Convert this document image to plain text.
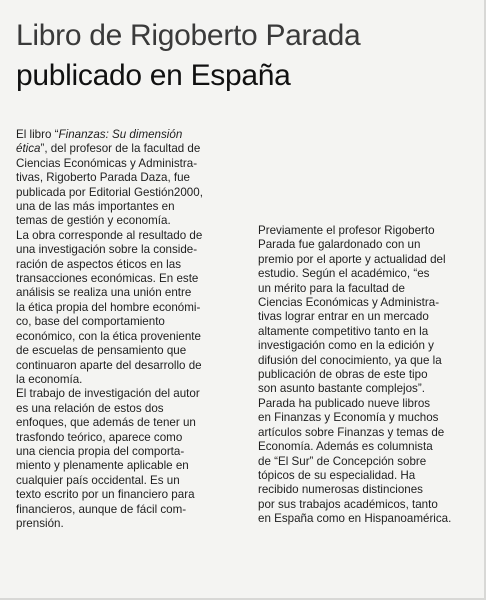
Libro de Rigoberto Parada
publicado en España

El libro “Finanzas: Su dimensión
ética”, del profesor de la facultad de
Ciencias Económicas y Administra-
tivas, Rigoberto Parada Daza, fue
publicada por Editorial Gestión2000,
una de las más importantes en
temas de gestión y economía.

La obra corresponde al resultado de
una investigación sobre la conside-
ración de aspectos éticos en las
transacciones económicas. En este
análisis se realiza una unión entre
la ética propia del hombre económi-
co, base del comportamiento
económico, con la ética proveniente
de escuelas de pensamiento que
continuaron aparte del desarrollo de
la economía.

El trabajo de investigación del autor
es una relación de estos dos
enfoques, que además de tener un
trasfondo teórico, aparece como
una ciencia propia del comporta-
miento y plenamente aplicable en
cualquier país occidental. Es un
texto escrito por un financiero para
financieros, aunque de fácil com-
prensión.

Previamente el profesor Rigoberto
Parada fue galardonado con un
premio por el aporte y actualidad del
estudio. Según el académico, “es
un mérito para la facultad de
Ciencias Económicas y Administra-
tivas lograr entrar en un mercado
altamente competitivo tanto en la
investigación como en la edición y
difusión del conocimiento, ya que la
publicación de obras de este tipo
son asunto bastante complejos”.

Parada ha publicado nueve libros
en Finanzas y Economía y muchos
artículos sobre Finanzas y temas de
Economía. Además es columnista
de “El Sur” de Concepción sobre
tópicos de su especialidad. Ha
recibido numerosas distinciones
por sus trabajos académicos, tanto
en España como en Hispanoamérica.
